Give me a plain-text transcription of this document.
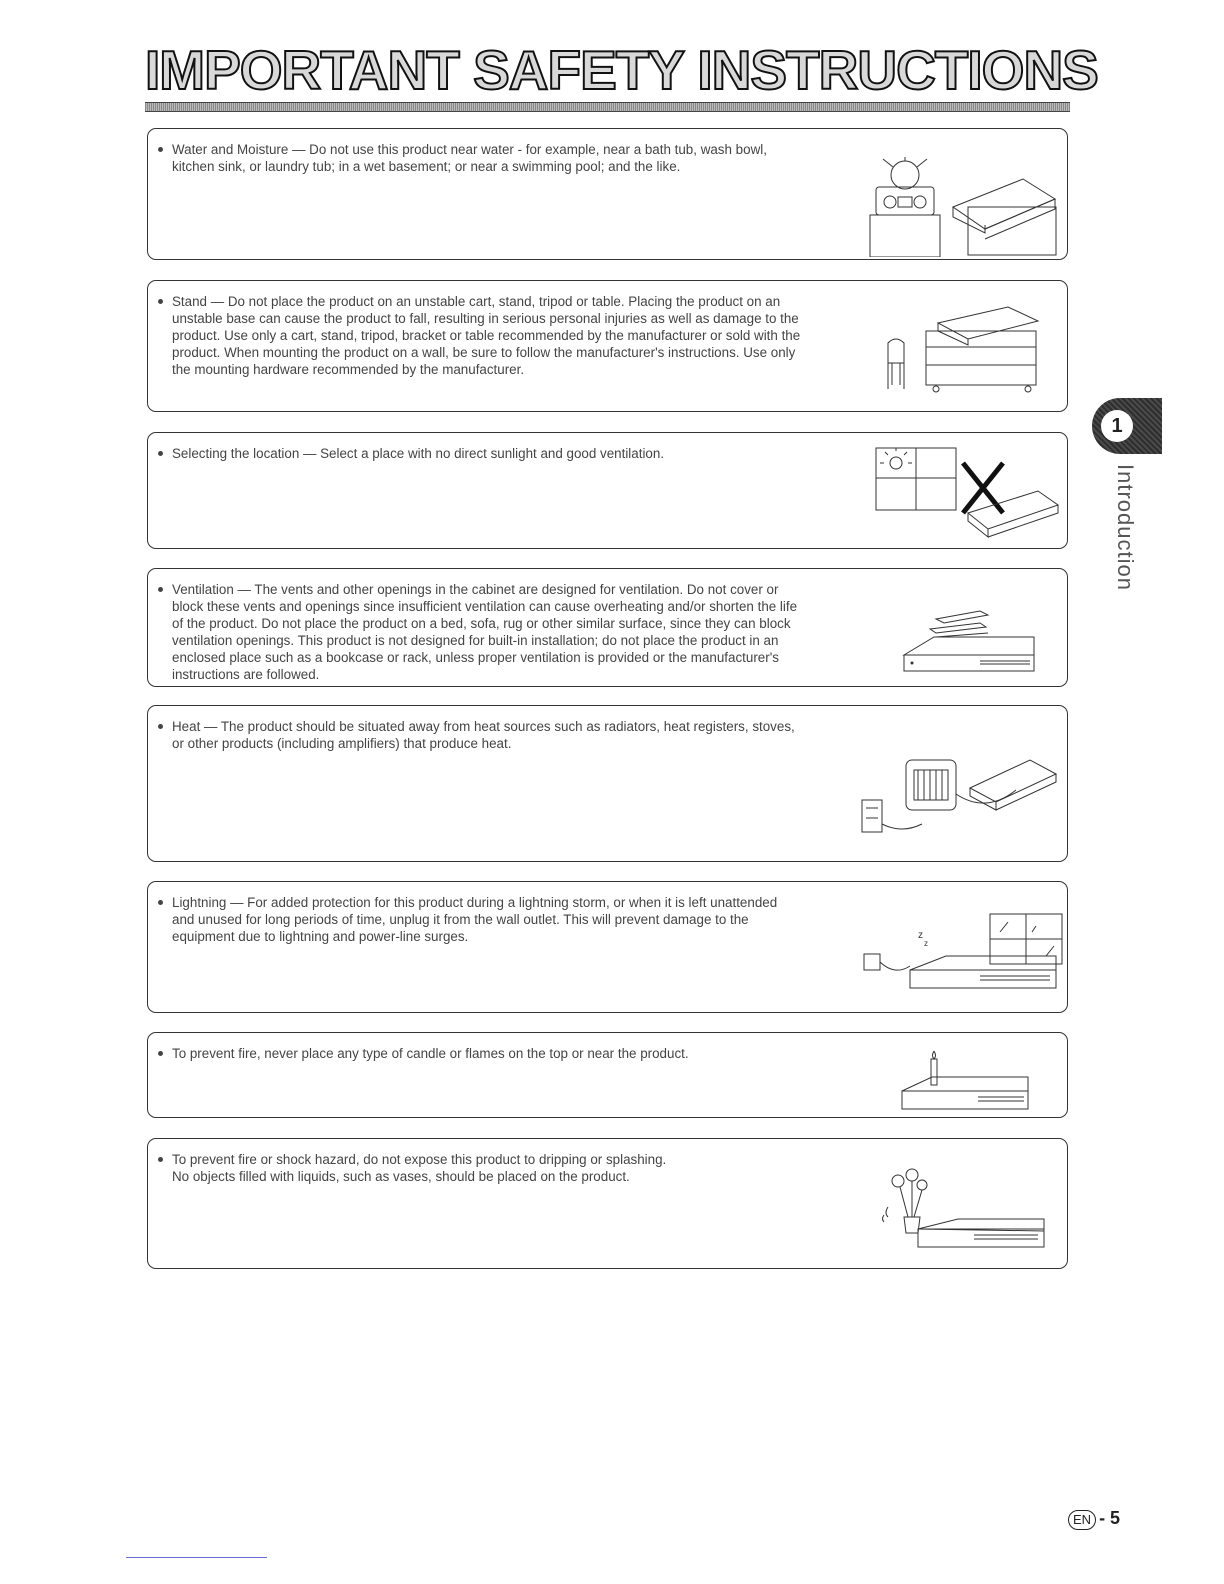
IMPORTANT SAFETY INSTRUCTIONS

Water and Moisture — Do not use this product near water - for example, near a bath tub, wash bowl,
kitchen sink, or laundry tub; in a wet basement; or near a swimming pool; and the like.

Stand — Do not place the product on an unstable cart, stand, tripod or table. Placing the product on an
unstable base can cause the product to fall, resulting in serious personal injuries as well as damage to the
product. Use only a cart, stand, tripod, bracket or table recommended by the manufacturer or sold with the
product. When mounting the product on a wall, be sure to follow the manufacturer's instructions. Use only
the mounting hardware recommended by the manufacturer.

Selecting the location — Select a place with no direct sunlight and good ventilation.

Ventilation — The vents and other openings in the cabinet are designed for ventilation. Do not cover or
block these vents and openings since insufficient ventilation can cause overheating and/or shorten the life
of the product. Do not place the product on a bed, sofa, rug or other similar surface, since they can block
ventilation openings. This product is not designed for built-in installation; do not place the product in an
enclosed place such as a bookcase or rack, unless proper ventilation is provided or the manufacturer's
instructions are followed.

Heat — The product should be situated away from heat sources such as radiators, heat registers, stoves,
or other products (including amplifiers) that produce heat.

Lightning — For added protection for this product during a lightning storm, or when it is left unattended
and unused for long periods of time, unplug it from the wall outlet. This will prevent damage to the
equipment due to lightning and power-line surges.	z
z

To prevent fire, never place any type of candle or flames on the top or near the product.

To prevent fire or shock hazard, do not expose this product to dripping or splashing.
No objects filled with liquids, such as vases, should be placed on the product.

1
Introduction
EN - 5
